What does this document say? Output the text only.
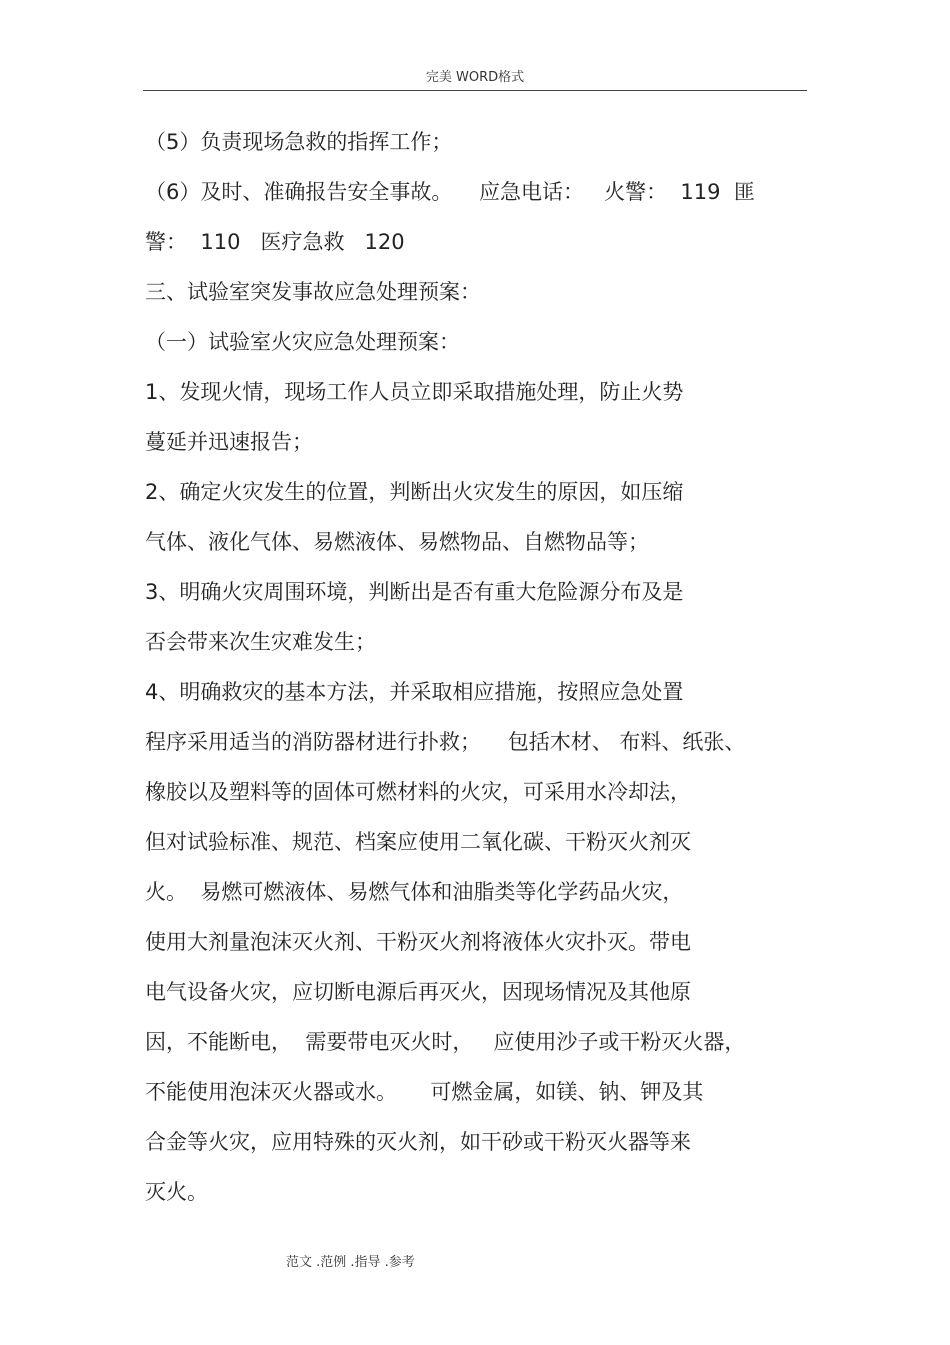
完美 WORD格式
（5）负责现场急救的指挥工作；
（6）及时、准确报告安全事故。    应急电话：   火警：  119  匪
警：  110   医疗急救   120
三、试验室突发事故应急处理预案：
（一）试验室火灾应急处理预案：
1、发现火情，现场工作人员立即采取措施处理，防止火势
蔓延并迅速报告；
2、确定火灾发生的位置，判断出火灾发生的原因，如压缩
气体、液化气体、易燃液体、易燃物品、自燃物品等；
3、明确火灾周围环境，判断出是否有重大危险源分布及是
否会带来次生灾难发生；
4、明确救灾的基本方法，并采取相应措施，按照应急处置
程序采用适当的消防器材进行扑救；    包括木材、 布料、纸张、
橡胶以及塑料等的固体可燃材料的火灾，可采用水冷却法，
但对试验标准、规范、档案应使用二氧化碳、干粉灭火剂灭
火。  易燃可燃液体、易燃气体和油脂类等化学药品火灾，
使用大剂量泡沫灭火剂、干粉灭火剂将液体火灾扑灭。带电
电气设备火灾，应切断电源后再灭火，因现场情况及其他原
因，不能断电，  需要带电灭火时，   应使用沙子或干粉灭火器，
不能使用泡沫灭火器或水。     可燃金属，如镁、钠、钾及其
合金等火灾，应用特殊的灭火剂，如干砂或干粉灭火器等来
灭火。
范文 .范例 .指导 .参考
